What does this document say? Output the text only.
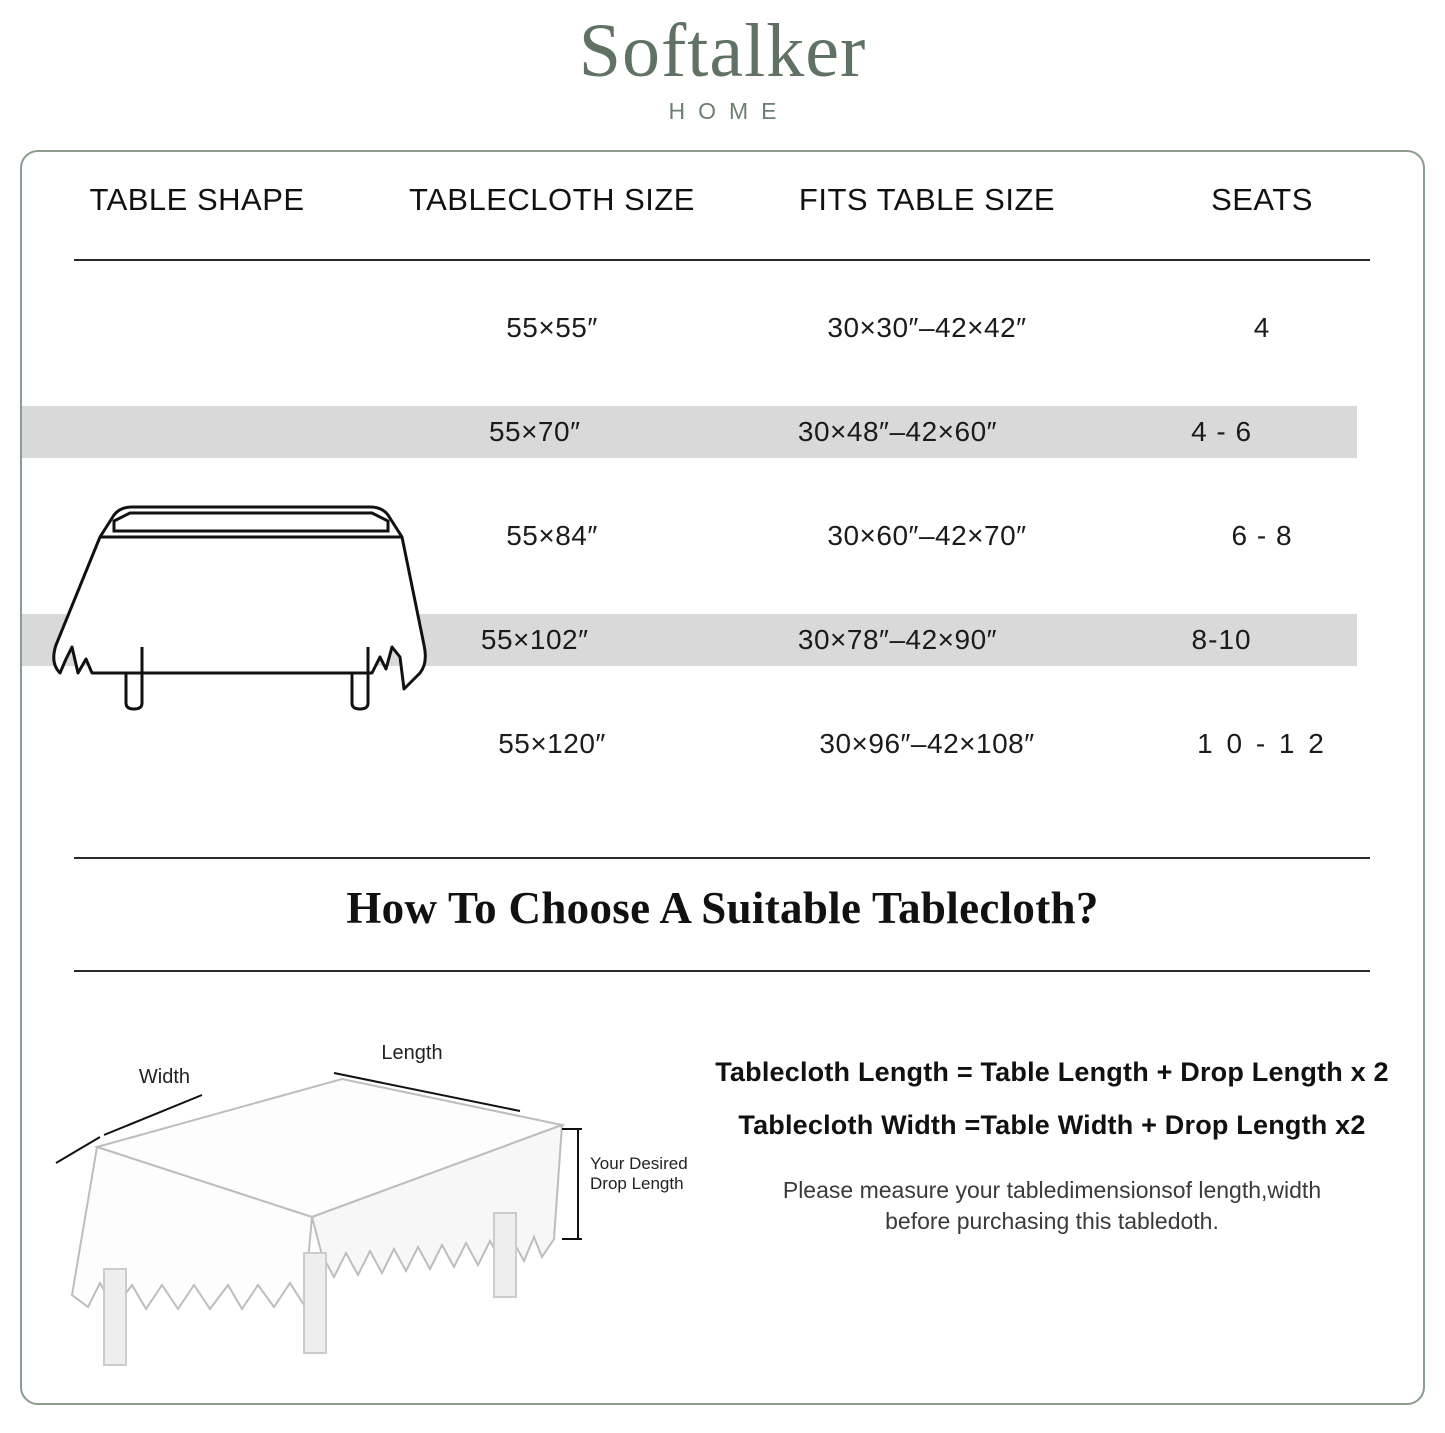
Softalker
HOME
TABLE SHAPE	TABLECLOTH SIZE	FITS TABLE SIZE	SEATS
55×55″	30×30″–42×42″	4
55×70″	30×48″–42×60″	4 - 6
55×84″	30×60″–42×70″	6 - 8
55×102″	30×78″–42×90″	8-10
55×120″	30×96″–42×108″	1 0 - 1 2
How To Choose A Suitable Tablecloth?
Width
Length
Your Desired
Drop Length
Tablecloth Length = Table Length + Drop Length x 2
Tablecloth Width =Table Width + Drop Length x2
Please measure your tabledimensionsof length,width
before purchasing this tabledoth.
